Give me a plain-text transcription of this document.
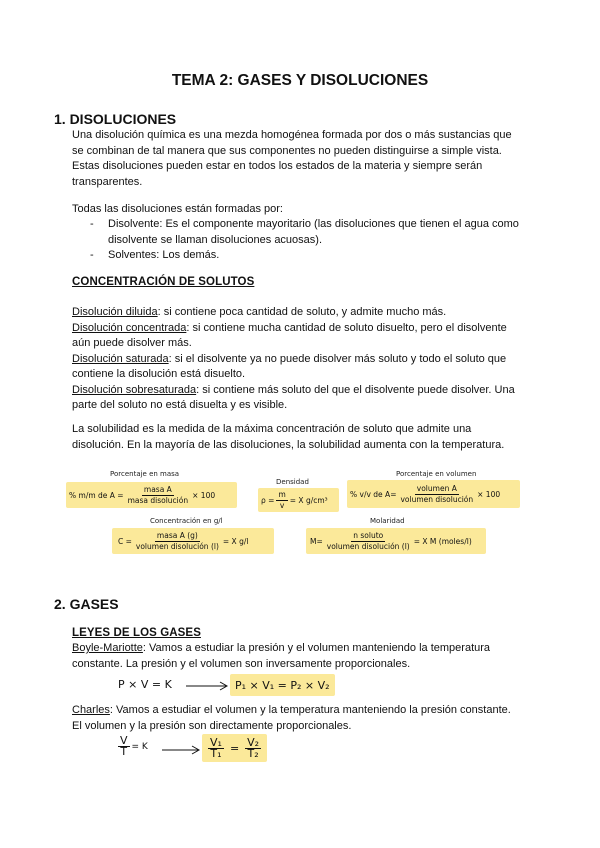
TEMA 2: GASES Y DISOLUCIONES
1. DISOLUCIONES
Una disolución química es una mezda homogénea formada por dos o más sustancias que
se combinan de tal manera que sus componentes no pueden distinguirse a simple vista.
Estas disoluciones pueden estar en todos los estados de la materia y siempre serán
transparentes.
Todas las disoluciones están formadas por:
- Disolvente: Es el componente mayoritario (las disoluciones que tienen el agua como
disolvente se llaman disoluciones acuosas).
- Solventes: Los demás.
CONCENTRACIÓN DE SOLUTOS
Disolución diluida: si contiene poca cantidad de soluto, y admite mucho más.
Disolución concentrada: si contiene mucha cantidad de soluto disuelto, pero el disolvente
aún puede disolver más.
Disolución saturada: si el disolvente ya no puede disolver más soluto y todo el soluto que
contiene la disolución está disuelto.
Disolución sobresaturada: si contiene más soluto del que el disolvente puede disolver. Una
parte del soluto no está disuelta y es visible.
La solubilidad es la medida de la máxima concentración de soluto que admite una
disolución. En la mayoría de las disoluciones, la solubilidad aumenta con la temperatura.
Porcentaje en masa
% m/m de $A = \frac{\text{masa A}}{\text{masa disolución}} \times 100$
Densidad
$\rho = \frac{m}{v} = X$ g/cm³
Porcentaje en volumen
% v/v de $A= \frac{\text{volumen A}}{\text{volumen disolución}} \times 100$
Concentración en g/l
$C = \frac{\text{masa A (g)}}{\text{volumen disolución (l)}} = X$ g/l
Molaridad
$M= \frac{\text{n soluto}}{\text{volumen disolución (l)}} = X$ M (moles/l)
2. GASES
LEYES DE LOS GASES
Boyle-Mariotte: Vamos a estudiar la presión y el volumen manteniendo la temperatura
constante. La presión y el volumen son inversamente proporcionales.
P × V = K	P₁ × V₁ = P₂ × V₂
Charles: Vamos a estudiar el volumen y la temperatura manteniendo la presión constante.
El volumen y la presión son directamente proporcionales.
$\frac{V}{T} = K$	$\frac{\text{V₁}}{\text{T₁}} = \frac{\text{V₂}}{\text{T₂}}$
